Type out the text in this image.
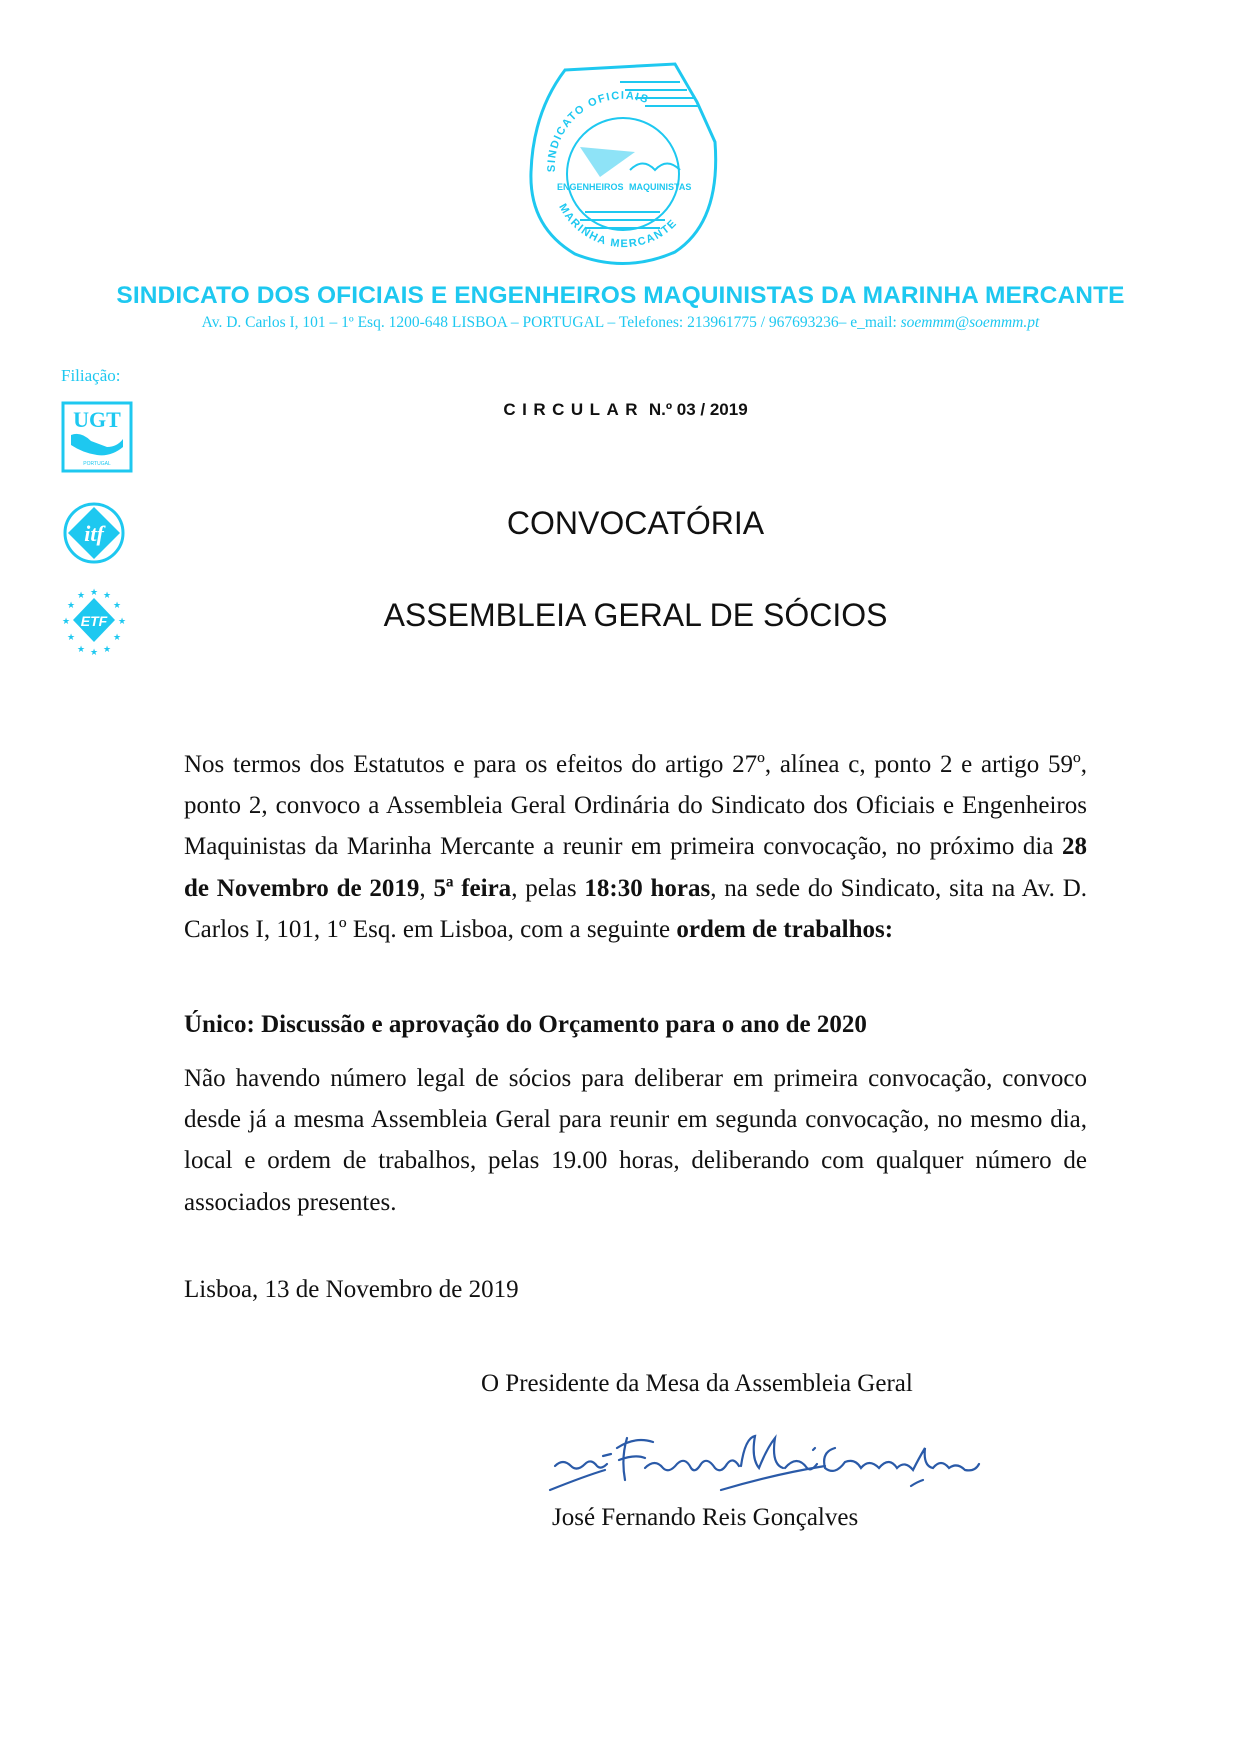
SINDICATO OFICIAIS
ENGENHEIROS MAQUINISTAS
MARINHA MERCANTE
SINDICATO DOS OFICIAIS E ENGENHEIROS MAQUINISTAS DA MARINHA MERCANTE
Av. D. Carlos I, 101 – 1º Esq. 1200-648 LISBOA – PORTUGAL – Telefones: 213961775 / 967693236– e_mail: soemmm@soemmm.pt
Filiação:
UGT
PORTUGAL
itf
★
★ ★
★	★
★	★
★	★
★ ★
★
ETF
CIRCULAR N.º 03 / 2019
CONVOCATÓRIA
ASSEMBLEIA GERAL DE SÓCIOS
Nos termos dos Estatutos e para os efeitos do artigo 27º, alínea c, ponto 2 e artigo 59º, ponto 2, convoco a Assembleia Geral Ordinária do Sindicato dos Oficiais e Engenheiros Maquinistas da Marinha Mercante a reunir em primeira convocação, no próximo dia 28 de Novembro de 2019, 5ª feira, pelas 18:30 horas, na sede do Sindicato, sita na Av. D. Carlos I, 101, 1º Esq. em Lisboa, com a seguinte ordem de trabalhos:
Único: Discussão e aprovação do Orçamento para o ano de 2020
Não havendo número legal de sócios para deliberar em primeira convocação, convoco desde já a mesma Assembleia Geral para reunir em segunda convocação, no mesmo dia, local e ordem de trabalhos, pelas 19.00 horas, deliberando com qualquer número de associados presentes.
Lisboa, 13 de Novembro de 2019
O Presidente da Mesa da Assembleia Geral
José Fernando Reis Gonçalves
